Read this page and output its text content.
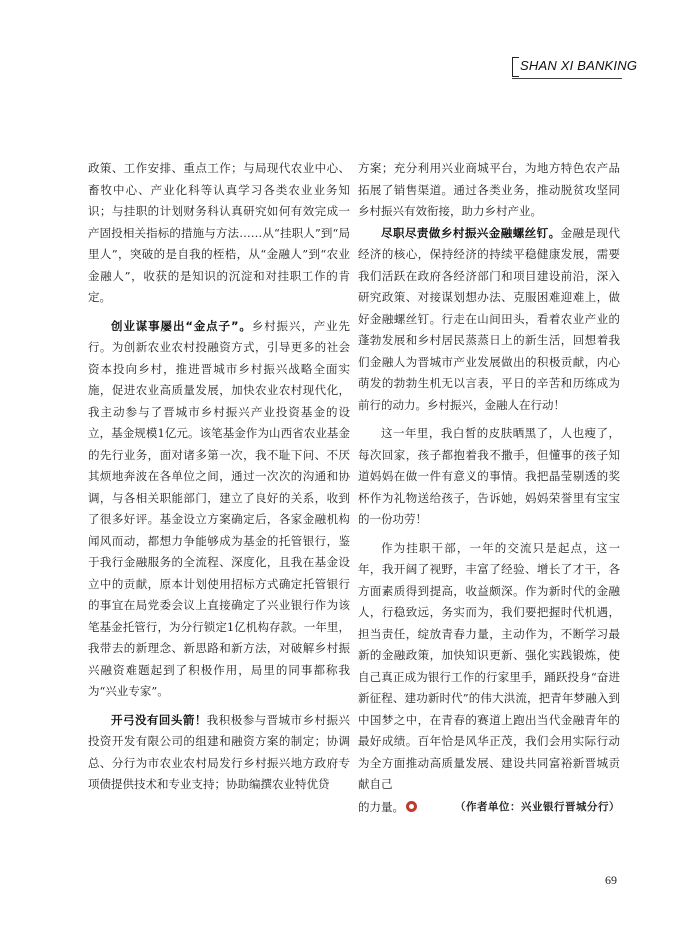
SHAN XI BANKING

政策、工作安排、重点工作；与局现代农业中心、畜牧中心、产业化科等认真学习各类农业业务知识；与挂职的计划财务科认真研究如何有效完成一产固投相关指标的措施与方法……从“挂职人”到“局里人”，突破的是自我的桎梏，从“金融人”到“农业金融人”，收获的是知识的沉淀和对挂职工作的肯定。

创业谋事屡出“金点子”。乡村振兴，产业先行。为创新农业农村投融资方式，引导更多的社会资本投向乡村，推进晋城市乡村振兴战略全面实施，促进农业高质量发展，加快农业农村现代化，我主动参与了晋城市乡村振兴产业投资基金的设立，基金规模1亿元。该笔基金作为山西省农业基金的先行业务，面对诸多第一次，我不耻下问、不厌其烦地奔波在各单位之间，通过一次次的沟通和协调，与各相关职能部门，建立了良好的关系，收到了很多好评。基金设立方案确定后，各家金融机构闻风而动，都想力争能够成为基金的托管银行，鉴于我行金融服务的全流程、深度化，且我在基金设立中的贡献，原本计划使用招标方式确定托管银行的事宜在局党委会议上直接确定了兴业银行作为该笔基金托管行，为分行锁定1亿机构存款。一年里，我带去的新理念、新思路和新方法，对破解乡村振兴融资难题起到了积极作用，局里的同事都称我为“兴业专家”。

开弓没有回头箭！我积极参与晋城市乡村振兴投资开发有限公司的组建和融资方案的制定；协调总、分行为市农业农村局发行乡村振兴地方政府专项债提供技术和专业支持；协助编撰农业特优贷

方案；充分利用兴业商城平台，为地方特色农产品拓展了销售渠道。通过各类业务，推动脱贫攻坚同乡村振兴有效衔接，助力乡村产业。

尽职尽责做乡村振兴金融螺丝钉。金融是现代经济的核心，保持经济的持续平稳健康发展，需要我们活跃在政府各经济部门和项目建设前沿，深入研究政策、对接谋划想办法、克服困难迎难上，做好金融螺丝钉。行走在山间田头，看着农业产业的蓬勃发展和乡村居民蒸蒸日上的新生活，回想着我们金融人为晋城市产业发展做出的积极贡献，内心萌发的勃勃生机无以言表，平日的辛苦和历练成为前行的动力。乡村振兴，金融人在行动！

这一年里，我白皙的皮肤晒黑了，人也瘦了，每次回家，孩子都抱着我不撒手，但懂事的孩子知道妈妈在做一件有意义的事情。我把晶莹剔透的奖杯作为礼物送给孩子，告诉她，妈妈荣誉里有宝宝的一份功劳！

作为挂职干部，一年的交流只是起点，这一年，我开阔了视野，丰富了经验、增长了才干，各方面素质得到提高，收益颇深。作为新时代的金融人，行稳致远，务实而为，我们要把握时代机遇，担当责任，绽放青春力量，主动作为，不断学习最新的金融政策，加快知识更新、强化实践锻炼，使自己真正成为银行工作的行家里手，踊跃投身“奋进新征程、建功新时代”的伟大洪流，把青年梦融入到中国梦之中，在青春的赛道上跑出当代金融青年的最好成绩。百年恰是风华正茂，我们会用实际行动为全方面推动高质量发展、建设共同富裕新晋城贡献自己

的力量。	（作者单位：兴业银行晋城分行）
69
